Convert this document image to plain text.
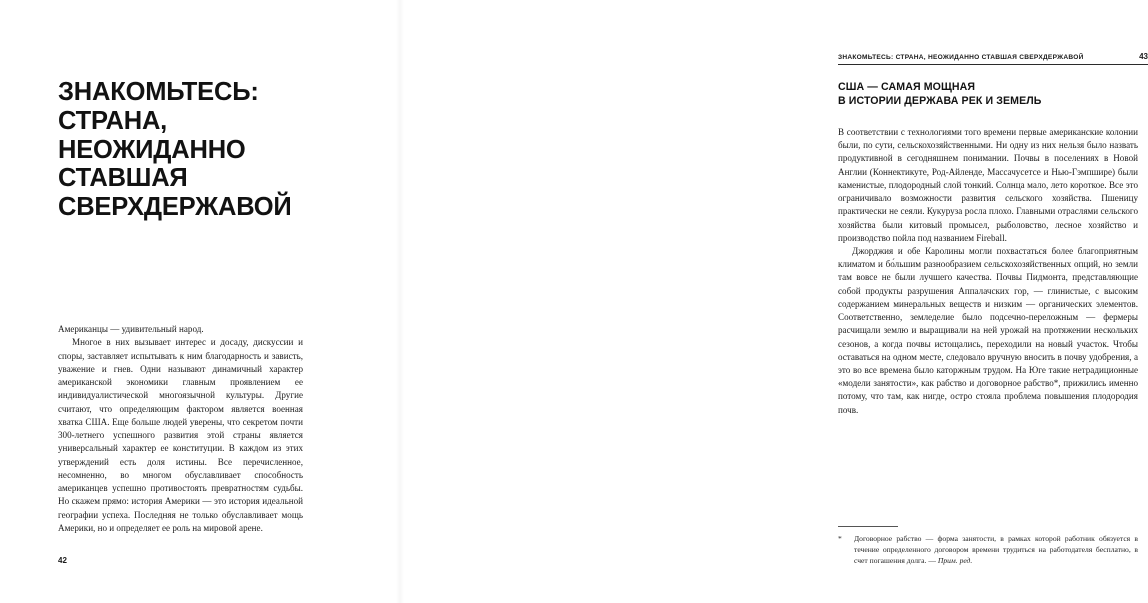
ЗНАКОМЬТЕСЬ:
СТРАНА,
НЕОЖИДАННО
СТАВШАЯ
СВЕРХДЕРЖАВОЙ

Американцы — удивительный народ.

Многое в них вызывает интерес и досаду, дискуссии и споры, заставляет испытывать к ним благодарность и зависть, уважение и гнев. Одни называют динамичный характер американской экономики главным проявлением ее индивидуалистической многоязычной культуры. Другие считают, что определяющим фактором является военная хватка США. Еще больше людей уверены, что секретом почти 300-летнего успешного развития этой страны является универсальный характер ее конституции. В каждом из этих утверждений есть доля истины. Все перечисленное, несомненно, во многом обуславливает способность американцев успешно противостоять превратностям судьбы. Но скажем прямо: история Америки — это история идеальной географии успеха. Последняя не только обуславливает мощь Америки, но и определяет ее роль на мировой арене.

42
ЗНАКОМЬТЕСЬ: СТРАНА, НЕОЖИДАННО СТАВШАЯ СВЕРХДЕРЖАВОЙ	43
США — САМАЯ МОЩНАЯ
В ИСТОРИИ ДЕРЖАВА РЕК И ЗЕМЕЛЬ

В соответствии с технологиями того времени первые американские колонии были, по сути, сельскохозяйственными. Ни одну из них нельзя было назвать продуктивной в сегодняшнем понимании. Почвы в поселениях в Новой Англии (Коннектикуте, Род-Айленде, Массачусетсе и Нью-Гэмпшире) были каменистые, плодородный слой тонкий. Солнца мало, лето короткое. Все это ограничивало возможности развития сельского хозяйства. Пшеницу практически не сеяли. Кукуруза росла плохо. Главными отраслями сельского хозяйства были китовый промысел, рыболовство, лесное хозяйство и производство пойла под названием Fireball.

Джорджия и обе Каролины могли похвастаться более благоприятным климатом и бо́льшим разнообразием сельскохозяйственных опций, но земли там вовсе не были лучшего качества. Почвы Пидмонта, представляющие собой продукты разрушения Аппалачских гор, — глинистые, с высоким содержанием минеральных веществ и низким — органических элементов. Соответственно, земледелие было подсечно-переложным — фермеры расчищали землю и выращивали на ней урожай на протяжении нескольких сезонов, а когда почвы истощались, переходили на новый участок. Чтобы оставаться на одном месте, следовало вручную вносить в почву удобрения, а это во все времена было каторжным трудом. На Юге такие нетрадиционные «модели занятости», как рабство и договорное рабство*, прижились именно потому, что там, как нигде, остро стояла проблема повышения плодородия почв.

*	Договорное рабство — форма занятости, в рамках которой работник обязуется в течение определенного договором времени трудиться на работодателя бесплатно, в счет погашения долга. — Прим. ред.
